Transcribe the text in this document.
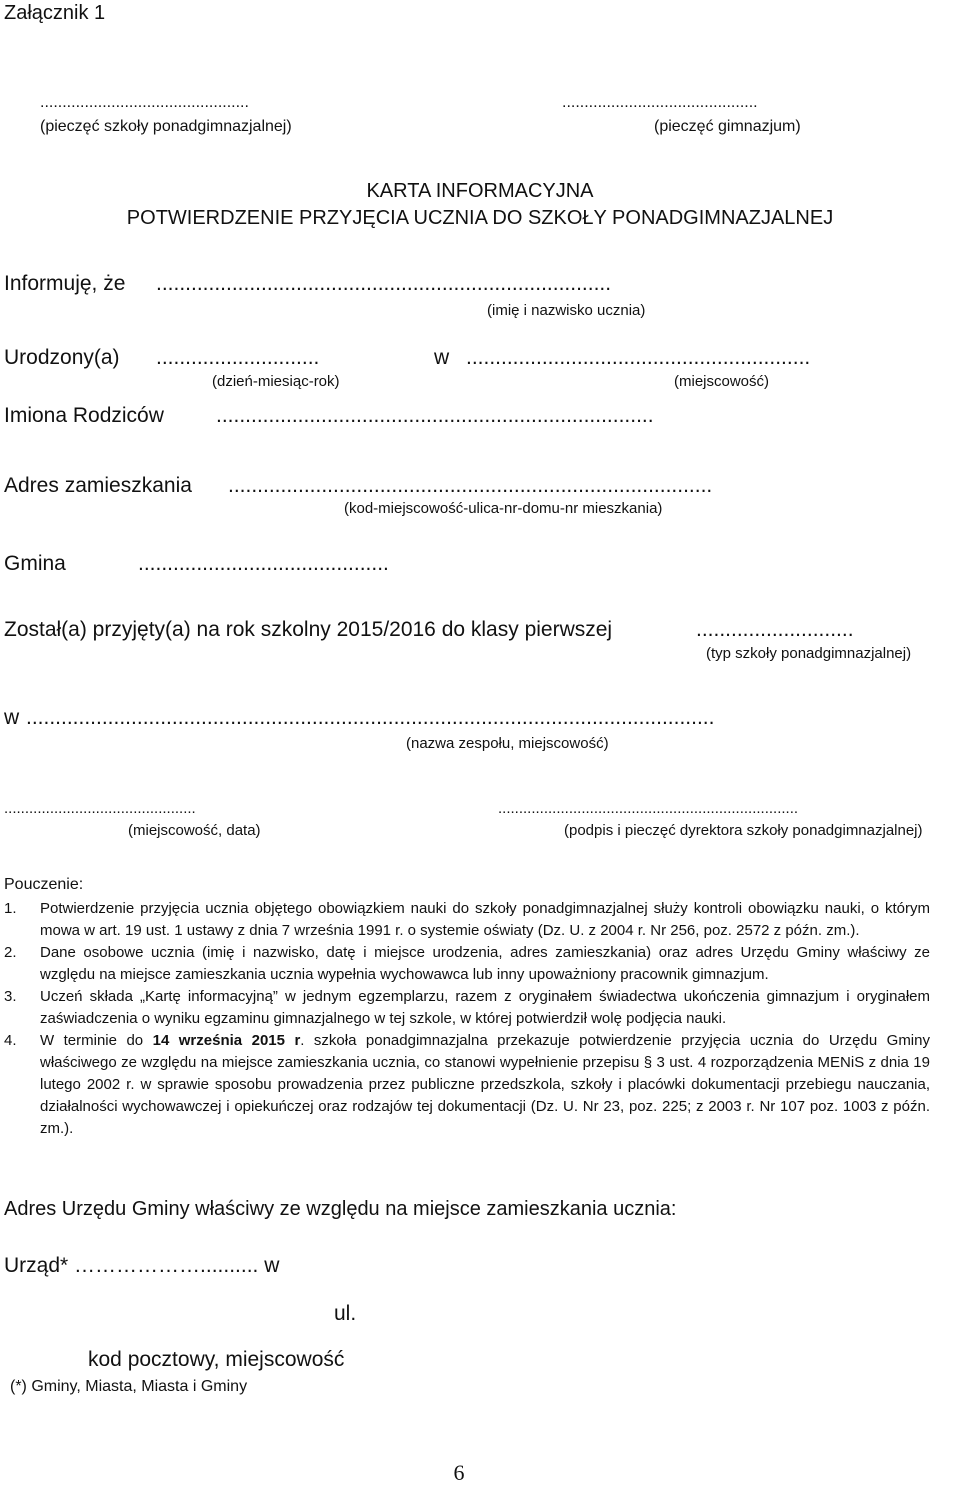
Załącznik 1
...............................................
(pieczęć szkoły ponadgimnazjalnej)
............................................
(pieczęć gimnazjum)
KARTA INFORMACYJNA
POTWIERDZENIE PRZYJĘCIA UCZNIA DO SZKOŁY PONADGIMNAZJALNEJ
Informuję, że ..............................................................................
(imię i nazwisko ucznia)
Urodzony(a) ............................	w ...........................................................
(dzień-miesiąc-rok)	(miejscowość)
Imiona Rodziców ...........................................................................
Adres zamieszkania ...................................................................................
(kod-miejscowość-ulica-nr-domu-nr mieszkania)
Gmina	...........................................
Został(a) przyjęty(a) na rok szkolny 2015/2016 do klasy pierwszej	...........................
(typ szkoły ponadgimnazjalnej)
w ......................................................................................................................
(nazwa zespołu, miejscowość)
..............................................
(miejscowość, data)
........................................................................
(podpis i pieczęć dyrektora szkoły ponadgimnazjalnej)
Pouczenie:

1. Potwierdzenie przyjęcia ucznia objętego obowiązkiem nauki do szkoły ponadgimnazjalnej służy kontroli obowiązku nauki, o którym mowa w art. 19 ust. 1 ustawy z dnia 7 września 1991 r. o systemie oświaty (Dz. U. z 2004 r. Nr 256, poz. 2572 z późn. zm.).

2. Dane osobowe ucznia (imię i nazwisko, datę i miejsce urodzenia, adres zamieszkania) oraz adres Urzędu Gminy właściwy ze względu na miejsce zamieszkania ucznia wypełnia wychowawca lub inny upoważniony pracownik gimnazjum.

3. Uczeń składa „Kartę informacyjną” w jednym egzemplarzu, razem z oryginałem świadectwa ukończenia gimnazjum i oryginałem zaświadczenia o wyniku egzaminu gimnazjalnego w tej szkole, w której potwierdził wolę podjęcia nauki.

4. W terminie do 14 września 2015 r. szkoła ponadgimnazjalna przekazuje potwierdzenie przyjęcia ucznia do Urzędu Gminy właściwego ze względu na miejsce zamieszkania ucznia, co stanowi wypełnienie przepisu § 3 ust. 4 rozporządzenia MENiS z dnia 19 lutego 2002 r. w sprawie sposobu prowadzenia przez publiczne przedszkola, szkoły i placówki dokumentacji przebiegu nauczania, działalności wychowawczej i opiekuńczej oraz rodzajów tej dokumentacji (Dz. U. Nr 23, poz. 225; z 2003 r. Nr 107 poz. 1003 z późn. zm.).

Adres Urzędu Gminy właściwy ze względu na miejsce zamieszkania ucznia:
Urząd* ……………….......... w
ul.
kod pocztowy, miejscowość
(*) Gminy, Miasta, Miasta i Gminy
6
